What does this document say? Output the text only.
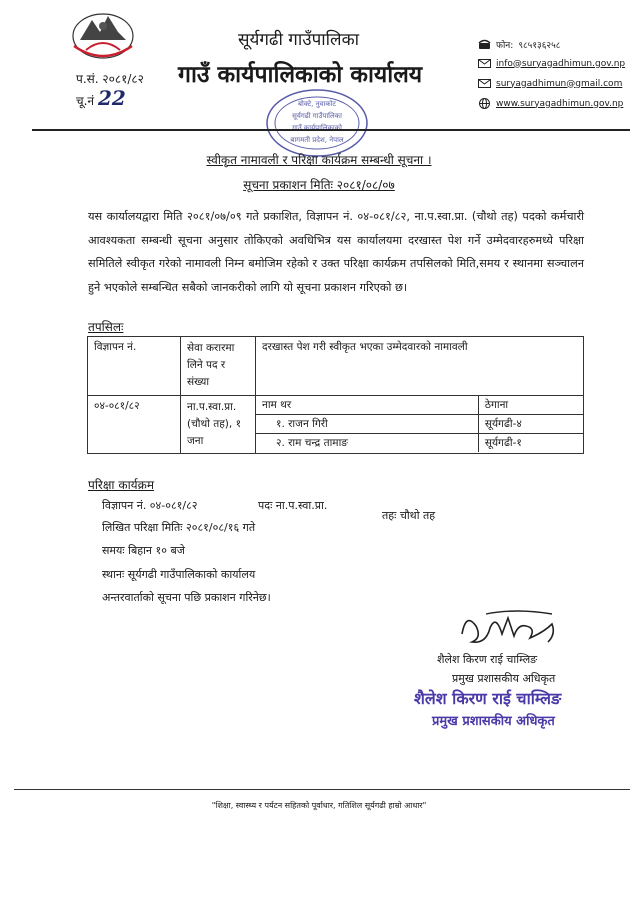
सूर्यगढी गाउँपालिका
गाउँ कार्यपालिकाको कार्यालय
प.सं. २०८१/८२
चू.नं 22
फोन: ९८५१३६२५८
info@suryagadhimun.gov.np
suryagadhimun@gmail.com
www.suryagadhimun.gov.np
बोक्टे, नुवाकोट
सूर्यगढी गाउँपालिका
गाउँ कार्यपालिकाको
बागमती प्रदेश, नेपाल
स्वीकृत नामावली र परिक्षा कार्यक्रम सम्बन्धी सूचना ।
सूचना प्रकाशन मितिः २०८१/०८/०७
यस कार्यालयद्वारा मिति २०८१/०७/०९ गते प्रकाशित, विज्ञापन नं. ०४-०८१/८२, ना.प.स्वा.प्रा. (चौथो तह) पदको कर्मचारी आवश्यकता सम्बन्धी सूचना अनुसार तोकिएको अवधिभित्र यस कार्यालयमा दरखास्त पेश गर्ने उम्मेदवारहरुमध्ये परिक्षा समितिले स्वीकृत गरेको नामावली निम्न बमोजिम रहेको र उक्त परिक्षा कार्यक्रम तपसिलको मिति,समय र स्थानमा सञ्चालन हुने भएकोले सम्बन्धित सबैको जानकरीको लागि यो सूचना प्रकाशन गरिएको छ।
तपसिलः
विज्ञापन नं.	सेवा करारमा लिने पद र संख्या	दरखास्त पेश गरी स्वीकृत भएका उम्मेदवारको नामावली
०४-०८१/८२	ना.प.स्वा.प्रा. (चौथो तह), १ जना	
नाम थर	ठेगाना
१. राजन गिरी	सूर्यगढी-४
२. राम चन्द्र तामाङ	सूर्यगढी-१
परिक्षा कार्यक्रम
विज्ञापन नं. ०४-०८१/८२	पदः ना.प.स्वा.प्रा.
तहः चौथो तह
लिखित परिक्षा मितिः २०८१/०८/१६ गते
समयः बिहान १० बजे
स्थानः सूर्यगढी गाउँपालिकाको कार्यालय
अन्तरवार्ताको सूचना पछि प्रकाशन गरिनेछ।
शैलेश किरण राई चाम्लिङ
प्रमुख प्रशासकीय अधिकृत
शैलेश किरण राई चाम्लिङ
प्रमुख प्रशासकीय अधिकृत
"शिक्षा, स्वास्थ्य र पर्यटन सहितको पूर्वाधार, गतिशिल सूर्यगढी हाम्रो आधार"
